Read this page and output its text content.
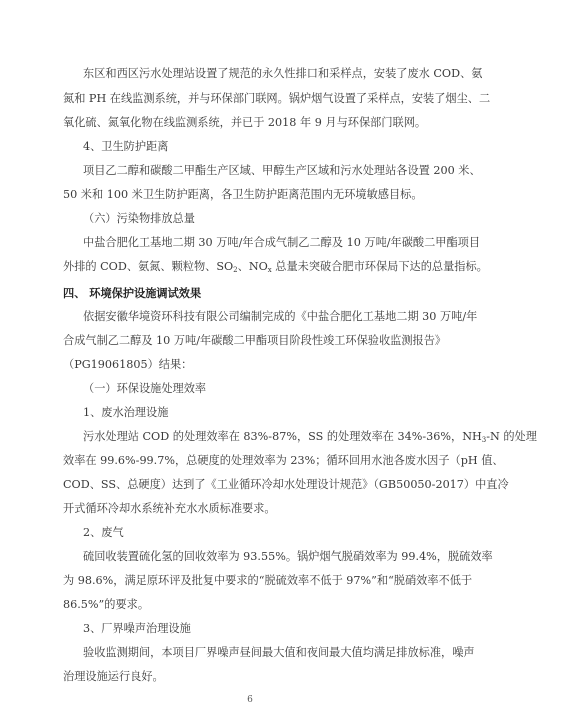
东区和西区污水处理站设置了规范的永久性排口和采样点，安装了废水 COD、氨
氮和 PH 在线监测系统，并与环保部门联网。锅炉烟气设置了采样点，安装了烟尘、二
氧化硫、氮氧化物在线监测系统，并已于 2018 年 9 月与环保部门联网。
4、卫生防护距离
项目乙二醇和碳酸二甲酯生产区域、甲醇生产区域和污水处理站各设置 200 米、
50 米和 100 米卫生防护距离，各卫生防护距离范围内无环境敏感目标。
（六）污染物排放总量
中盐合肥化工基地二期 30 万吨/年合成气制乙二醇及 10 万吨/年碳酸二甲酯项目
外排的 COD、氨氮、颗粒物、$SO_2$、$NO_x$ 总量未突破合肥市环保局下达的总量指标。
四、 环境保护设施调试效果
依据安徽华境资环科技有限公司编制完成的《中盐合肥化工基地二期 30 万吨/年
合成气制乙二醇及 10 万吨/年碳酸二甲酯项目阶段性竣工环保验收监测报告》
（PG19061805）结果：
（一）环保设施处理效率
1、废水治理设施
污水处理站 COD 的处理效率在 83%-87%，SS 的处理效率在 34%-36%，$NH_3-N$ 的处理
效率在 99.6%-99.7%，总硬度的处理效率为 23%；循环回用水池各废水因子（pH 值、
COD、SS、总硬度）达到了《工业循环冷却水处理设计规范》（GB50050-2017）中直冷
开式循环冷却水系统补充水水质标准要求。
2、废气
硫回收装置硫化氢的回收效率为 93.55%。锅炉烟气脱硝效率为 99.4%，脱硫效率
为 98.6%，满足原环评及批复中要求的“脱硫效率不低于 97%”和“脱硝效率不低于
86.5%”的要求。
3、厂界噪声治理设施
验收监测期间，本项目厂界噪声昼间最大值和夜间最大值均满足排放标准，噪声
治理设施运行良好。
6
